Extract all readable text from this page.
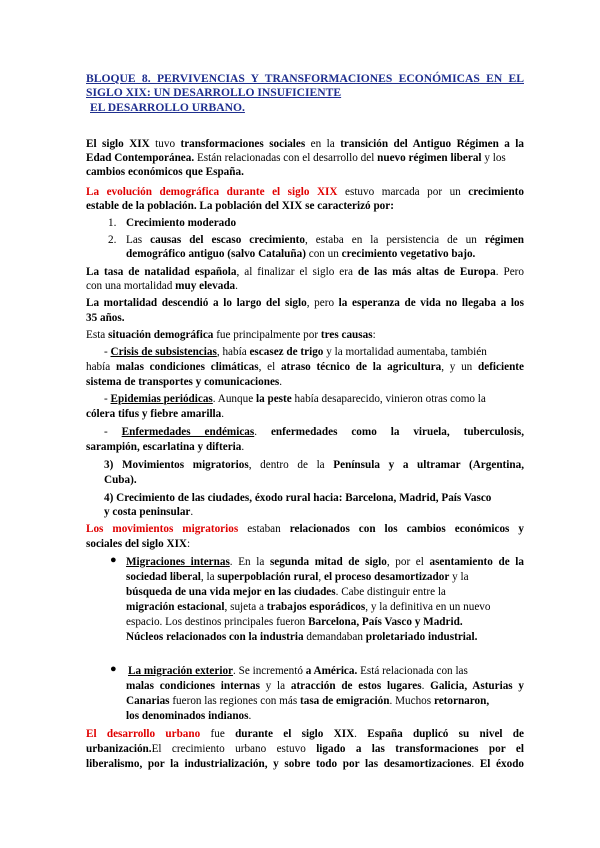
BLOQUE 8. PERVIVENCIAS Y TRANSFORMACIONES ECONÓMICAS EN EL
SIGLO XIX: UN DESARROLLO INSUFICIENTE
EL DESARROLLO URBANO.
El siglo XIX tuvo transformaciones sociales en la transición del Antiguo Régimen a la
Edad Contemporánea. Están relacionadas con el desarrollo del nuevo régimen liberal y los
cambios económicos que España.
La evolución demográfica durante el siglo XIX estuvo marcada por un crecimiento
estable de la población. La población del XIX se caracterizó por:
1. Crecimiento moderado
2. Las causas del escaso crecimiento, estaba en la persistencia de un régimen
demográfico antiguo (salvo Cataluña) con un crecimiento vegetativo bajo.
La tasa de natalidad española, al finalizar el siglo era de las más altas de Europa. Pero
con una mortalidad muy elevada.
La mortalidad descendió a lo largo del siglo, pero la esperanza de vida no llegaba a los
35 años.
Esta situación demográfica fue principalmente por tres causas:
- Crisis de subsistencias, había escasez de trigo y la mortalidad aumentaba, también
había malas condiciones climáticas, el atraso técnico de la agricultura, y un deficiente
sistema de transportes y comunicaciones.
- Epidemias periódicas. Aunque la peste había desaparecido, vinieron otras como la
cólera tifus y fiebre amarilla.
- Enfermedades endémicas. enfermedades como la viruela, tuberculosis,
sarampión, escarlatina y difteria.
3) Movimientos migratorios, dentro de la Península y a ultramar (Argentina,
Cuba).
4) Crecimiento de las ciudades, éxodo rural hacia: Barcelona, Madrid, País Vasco
y costa peninsular.
Los movimientos migratorios estaban relacionados con los cambios económicos y
sociales del siglo XIX:
● Migraciones internas. En la segunda mitad de siglo, por el asentamiento de la
sociedad liberal, la superpoblación rural, el proceso desamortizador y la
búsqueda de una vida mejor en las ciudades. Cabe distinguir entre la
migración estacional, sujeta a trabajos esporádicos, y la definitiva en un nuevo
espacio. Los destinos principales fueron Barcelona, País Vasco y Madrid.
Núcleos relacionados con la industria demandaban proletariado industrial.
● La migración exterior. Se incrementó a América. Está relacionada con las
malas condiciones internas y la atracción de estos lugares. Galicia, Asturias y
Canarias fueron las regiones con más tasa de emigración. Muchos retornaron,
los denominados indianos.
El desarrollo urbano fue durante el siglo XIX. España duplicó su nivel de
urbanización.El crecimiento urbano estuvo ligado a las transformaciones por el
liberalismo, por la industrialización, y sobre todo por las desamortizaciones. El éxodo
